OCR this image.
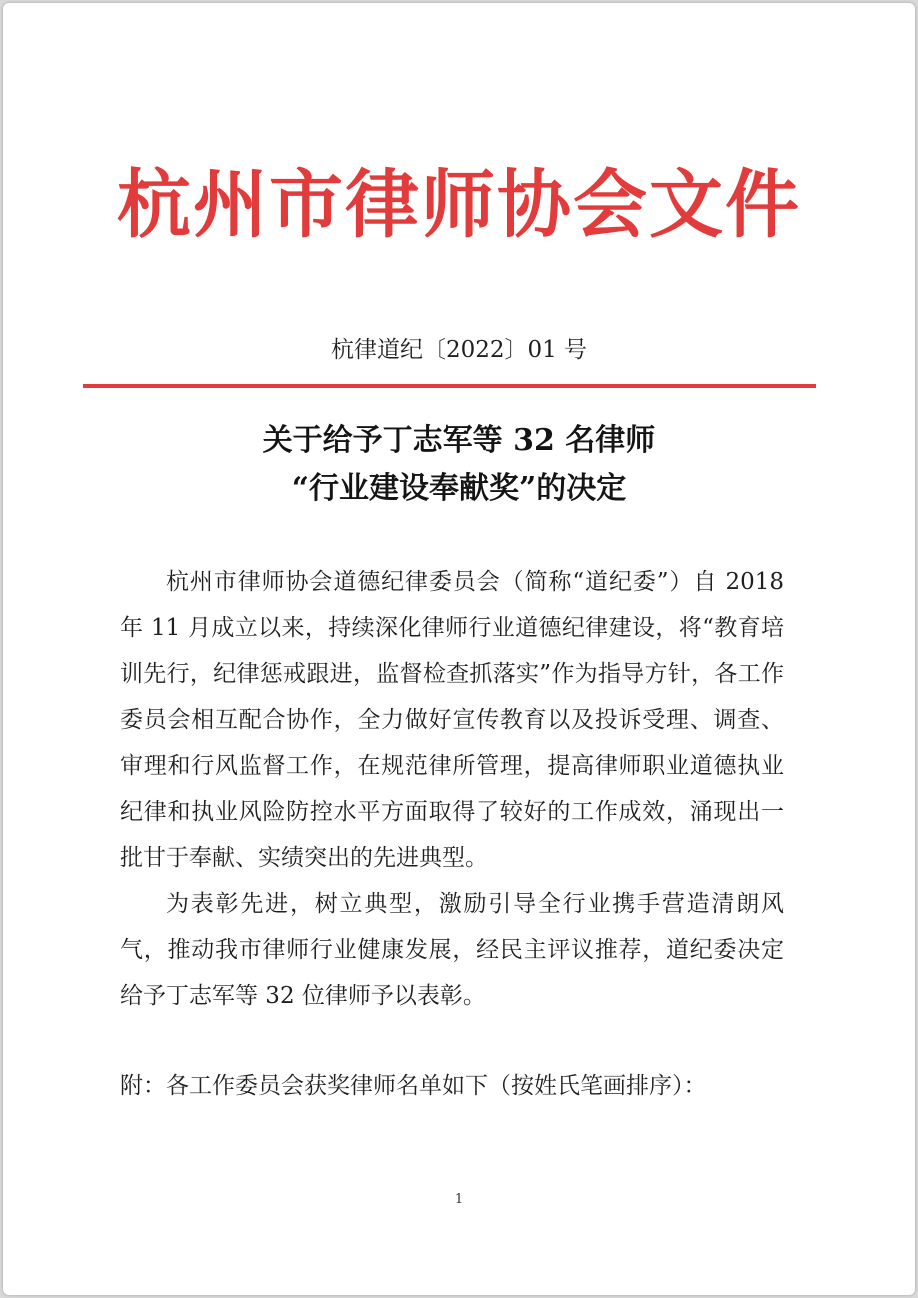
杭州市律师协会文件
杭律道纪〔2022〕01 号
关于给予丁志军等 32 名律师
“行业建设奉献奖”的决定

杭州市律师协会道德纪律委员会（简称“道纪委”）自 2018 年 11 月成立以来，持续深化律师行业道德纪律建设，将“教育培训先行，纪律惩戒跟进，监督检查抓落实”作为指导方针，各工作委员会相互配合协作，全力做好宣传教育以及投诉受理、调查、审理和行风监督工作，在规范律所管理，提高律师职业道德执业纪律和执业风险防控水平方面取得了较好的工作成效，涌现出一批甘于奉献、实绩突出的先进典型。

为表彰先进，树立典型，激励引导全行业携手营造清朗风气，推动我市律师行业健康发展，经民主评议推荐，道纪委决定给予丁志军等 32 位律师予以表彰。

附：各工作委员会获奖律师名单如下（按姓氏笔画排序）：
1
